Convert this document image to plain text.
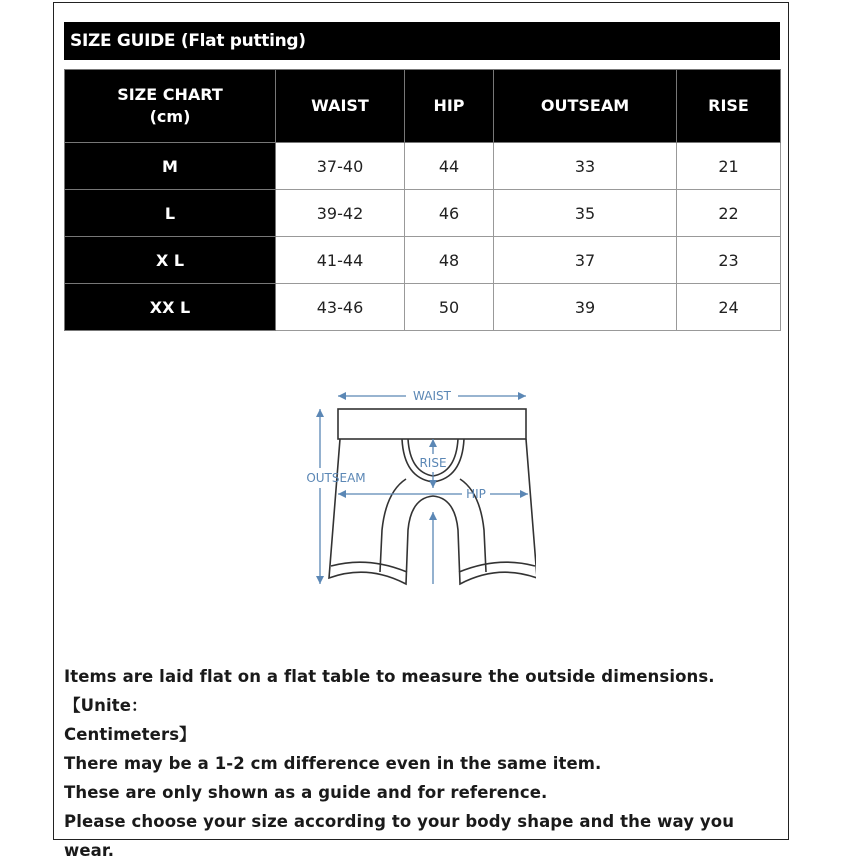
SIZE GUIDE (Flat putting)
SIZE CHART
(cm)	WAIST	HIP	OUTSEAM	RISE
M	37-40	44	33	21
L	39-42	46	35	22
X L	41-44	48	37	23
XX L	43-46	50	39	24
WAIST
RISE
OUTSEAM
HIP

Items are laid flat on a flat table to measure the outside dimensions.【Unite：

Centimeters】

There may be a 1-2 cm difference even in the same item.

These are only shown as a guide and for reference.

Please choose your size according to your body shape and the way you wear.
